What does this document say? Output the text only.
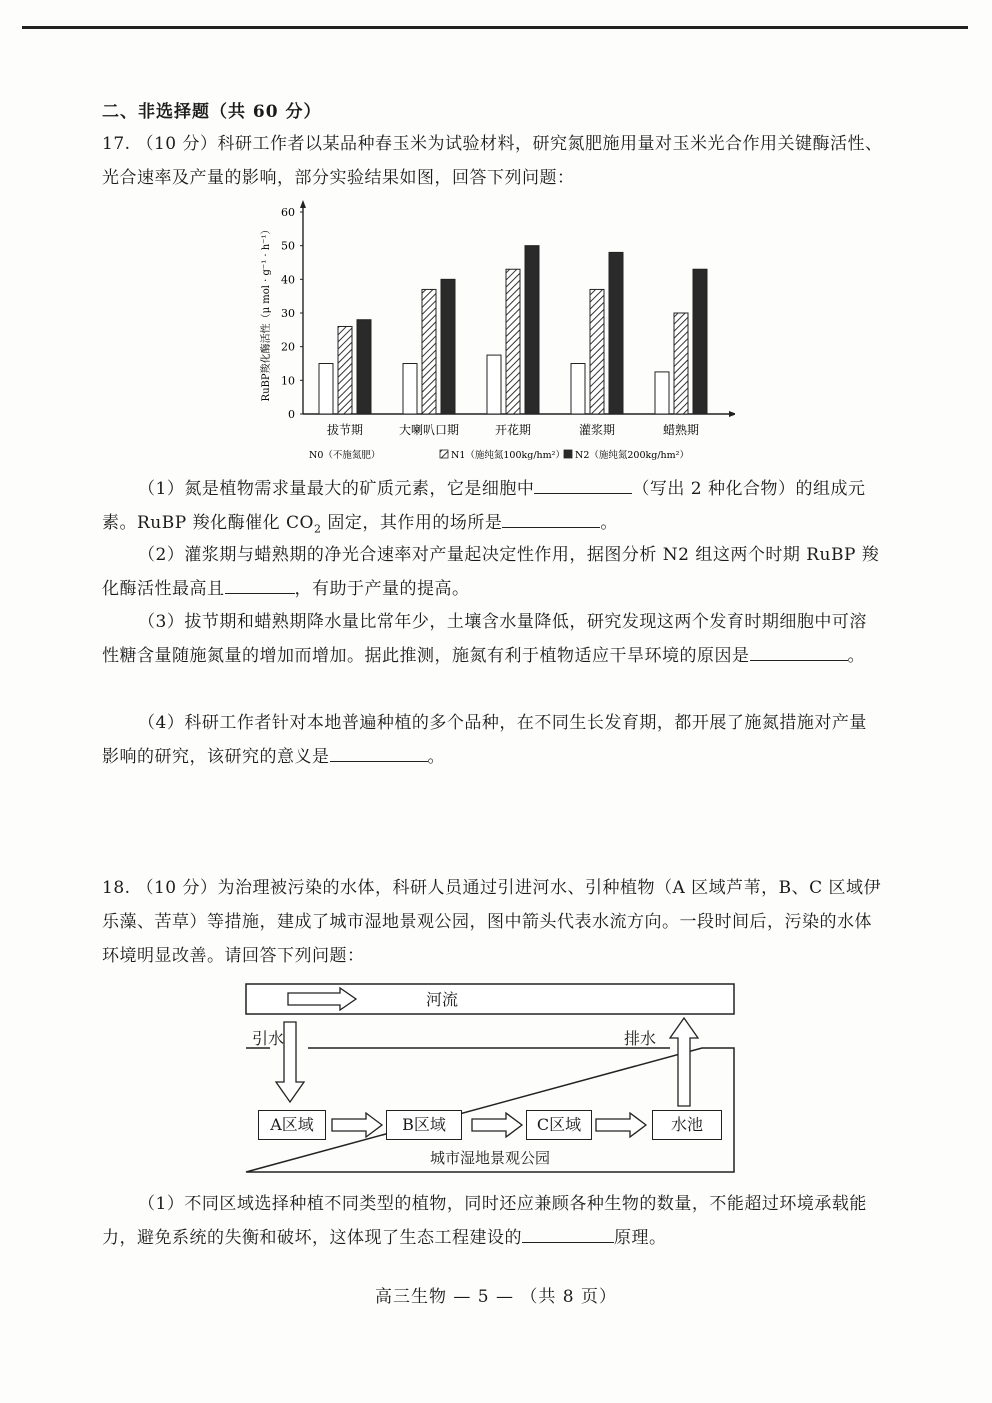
二、非选择题（共 60 分）

17. （10 分）科研工作者以某品种春玉米为试验材料，研究氮肥施用量对玉米光合作用关键酶活性、光合速率及产量的影响，部分实验结果如图，回答下列问题：

0
10
20
30
40
50
60
RuBP羧化酶活性（μ mol · g⁻¹ · h⁻¹）
拔节期	大喇叭口期	开花期	灌浆期	蜡熟期
N0（不施氮肥）	N1（施纯氮100kg/hm²） N2（施纯氮200kg/hm²）

（1）氮是植物需求量最大的矿质元素，它是细胞中	（写出 2 种化合物）的组成元素。RuBP 羧化酶催化 $CO_2$ 固定，其作用的场所是	。

（2）灌浆期与蜡熟期的净光合速率对产量起决定性作用，据图分析 N2 组这两个时期 RuBP 羧化酶活性最高且	，有助于产量的提高。

（3）拔节期和蜡熟期降水量比常年少，土壤含水量降低，研究发现这两个发育时期细胞中可溶性糖含量随施氮量的增加而增加。据此推测，施氮有利于植物适应干旱环境的原因是	。

（4）科研工作者针对本地普遍种植的多个品种，在不同生长发育期，都开展了施氮措施对产量影响的研究，该研究的意义是	。

18. （10 分）为治理被污染的水体，科研人员通过引进河水、引种植物（A 区域芦苇，B、C 区域伊乐藻、苦草）等措施，建成了城市湿地景观公园，图中箭头代表水流方向。一段时间后，污染的水体环境明显改善。请回答下列问题：

河流
引水	排水
A区域	B区域	C区域	水池
城市湿地景观公园

（1）不同区域选择种植不同类型的植物，同时还应兼顾各种生物的数量，不能超过环境承载能力，避免系统的失衡和破坏，这体现了生态工程建设的	原理。

高三生物 — 5 — （共 8 页）
